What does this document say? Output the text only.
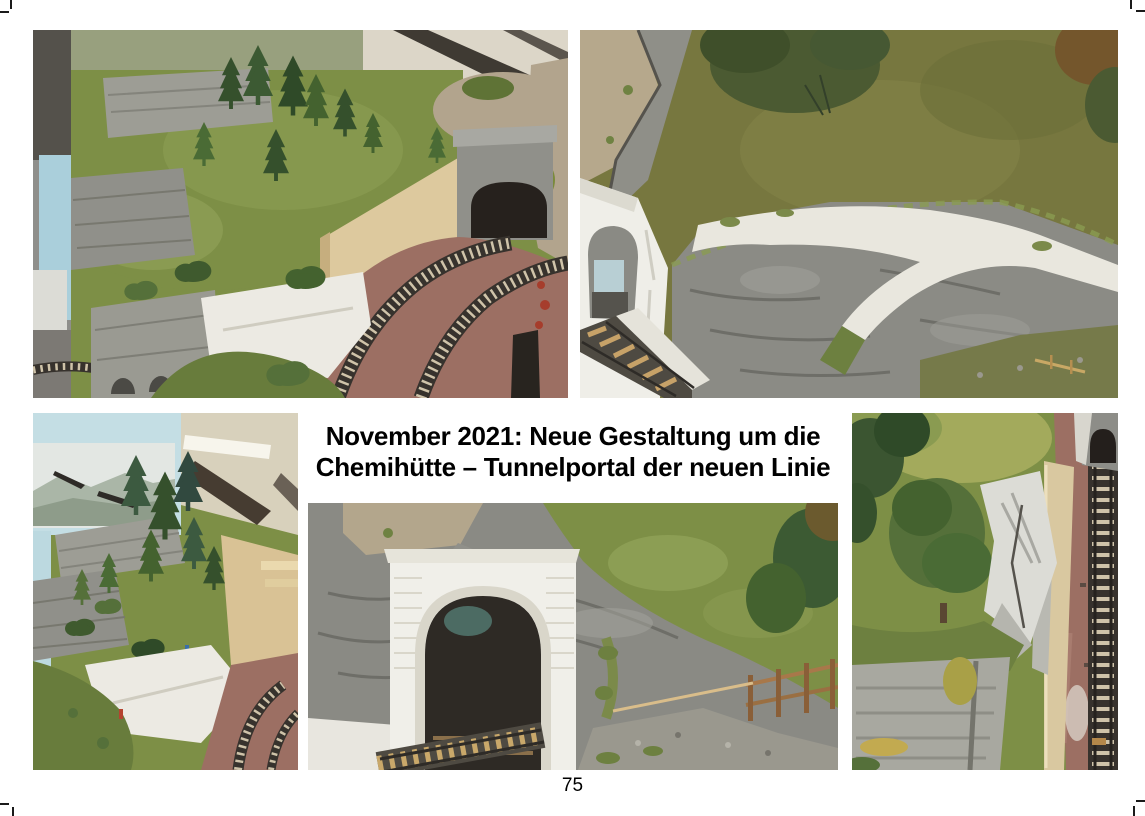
November 2021: Neue Gestaltung um die
Chemihütte – Tunnelportal der neuen Linie
75
